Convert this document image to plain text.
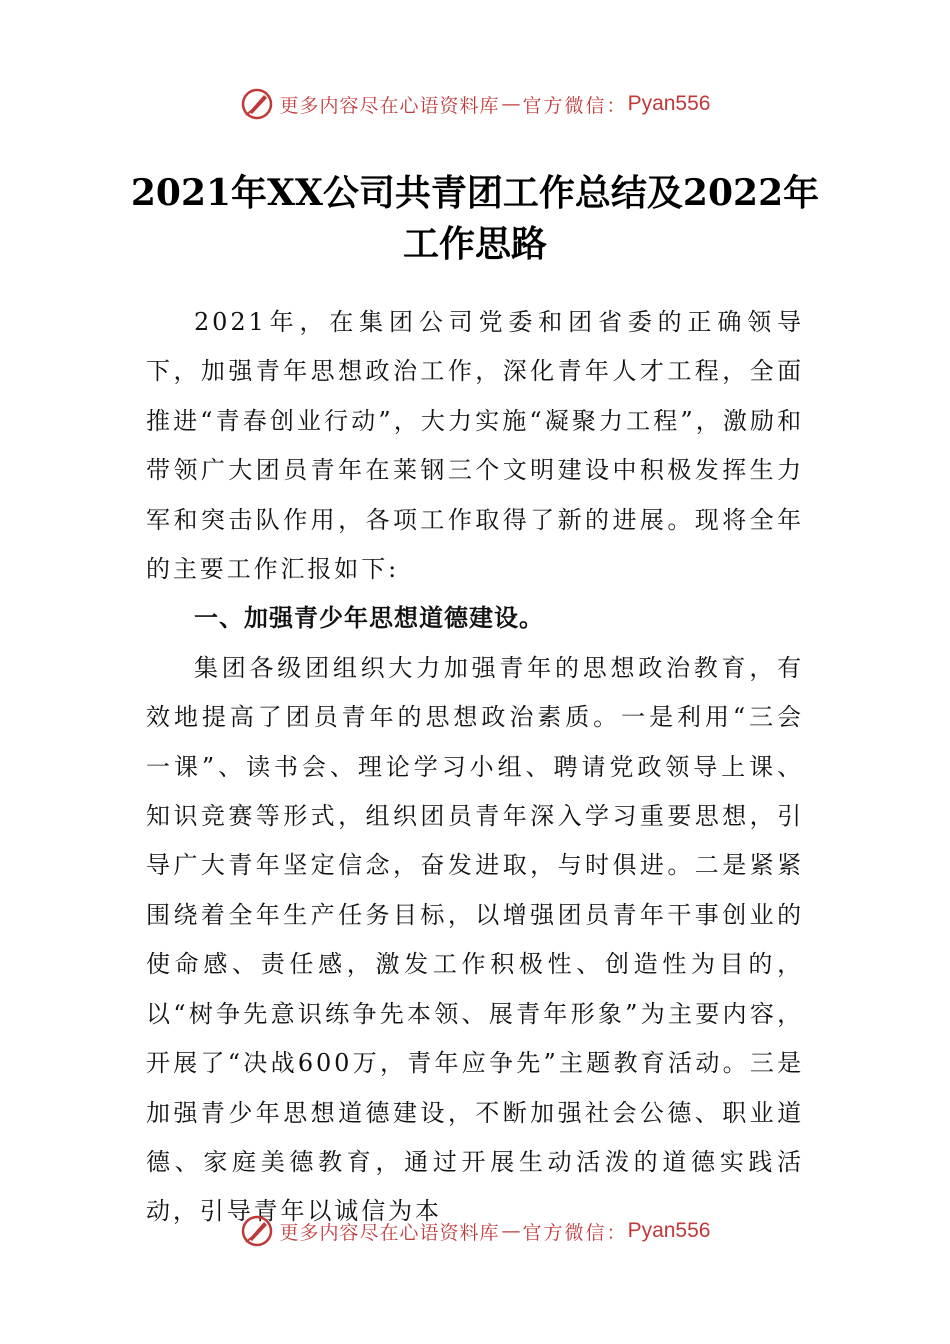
更多内容尽在心语资料库 — 官方微信： Pyan556
2021年XX公司共青团工作总结及2022年
工作思路

2021年，在集团公司党委和团省委的正确领导下，加强青年思想政治工作，深化青年人才工程，全面推进“青春创业行动”，大力实施“凝聚力工程”，激励和带领广大团员青年在莱钢三个文明建设中积极发挥生力军和突击队作用，各项工作取得了新的进展。现将全年的主要工作汇报如下:

一、加强青少年思想道德建设。

集团各级团组织大力加强青年的思想政治教育，有效地提高了团员青年的思想政治素质。一是利用“三会一课”、读书会、理论学习小组、聘请党政领导上课、知识竞赛等形式，组织团员青年深入学习重要思想，引导广大青年坚定信念，奋发进取，与时俱进。二是紧紧围绕着全年生产任务目标，以增强团员青年干事创业的使命感、责任感，激发工作积极性、创造性为目的，以“树争先意识练争先本领、展青年形象”为主要内容，开展了“决战600万，青年应争先”主题教育活动。三是加强青少年思想道德建设，不断加强社会公德、职业道德、家庭美德教育，通过开展生动活泼的道德实践活动，引导青年以诚信为本

更多内容尽在心语资料库 — 官方微信： Pyan556
